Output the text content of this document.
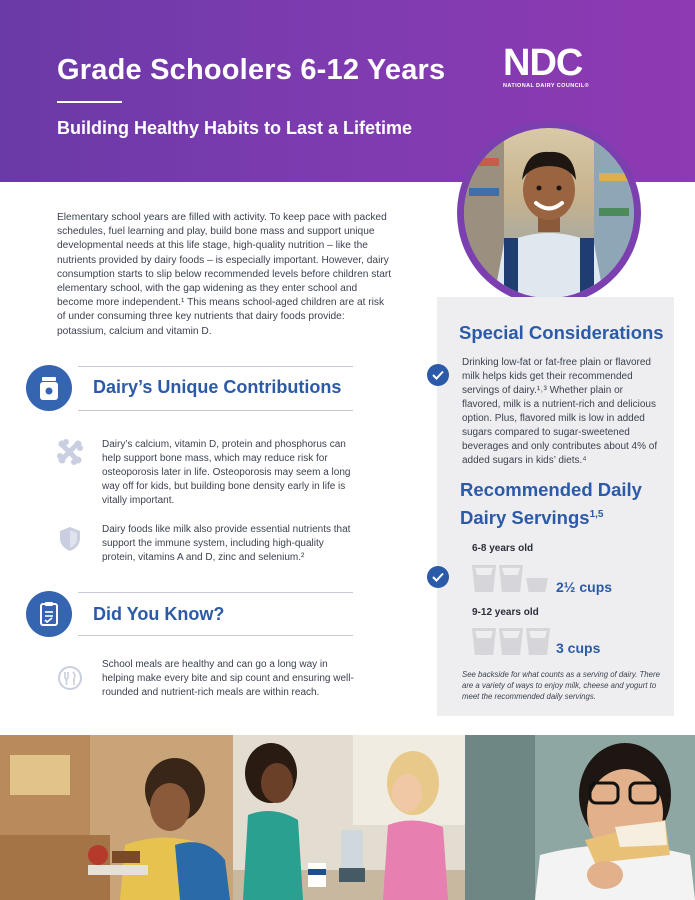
Grade Schoolers 6-12 Years
Building Healthy Habits to Last a Lifetime
NDC
NATIONAL DAIRY COUNCIL®
Elementary school years are filled with activity. To keep pace with packed schedules, fuel learning and play, build bone mass and support unique developmental needs at this life stage, high-quality nutrition – like the nutrients provided by dairy foods – is especially important. However, dairy consumption starts to slip below recommended levels before children start elementary school, with the gap widening as they enter school and become more independent.¹ This means school-aged children are at risk of under consuming three key nutrients that dairy foods provide: potassium, calcium and vitamin D.
Dairy’s Unique Contributions
Dairy’s calcium, vitamin D, protein and phosphorus can help support bone mass, which may reduce risk for osteoporosis later in life. Osteoporosis may seem a long way off for kids, but building bone density early in life is vitally important.
Dairy foods like milk also provide essential nutrients that support the immune system, including high-quality protein, vitamins A and D, zinc and selenium.²
Did You Know?
School meals are healthy and can go a long way in helping make every bite and sip count and ensuring well-rounded and nutrient-rich meals are within reach.
Special Considerations
Drinking low-fat or fat-free plain or flavored milk helps kids get their recommended servings of dairy.¹˒³ Whether plain or flavored, milk is a nutrient-rich and delicious option. Plus, flavored milk is low in added sugars compared to sugar-sweetened beverages and only contributes about 4% of added sugars in kids’ diets.⁴
Recommended Daily Dairy Servings$^{1,5}$
6-8 years old
2½ cups
9-12 years old
3 cups
See backside for what counts as a serving of dairy. There are a variety of ways to enjoy milk, cheese and yogurt to meet the recommended daily servings.
